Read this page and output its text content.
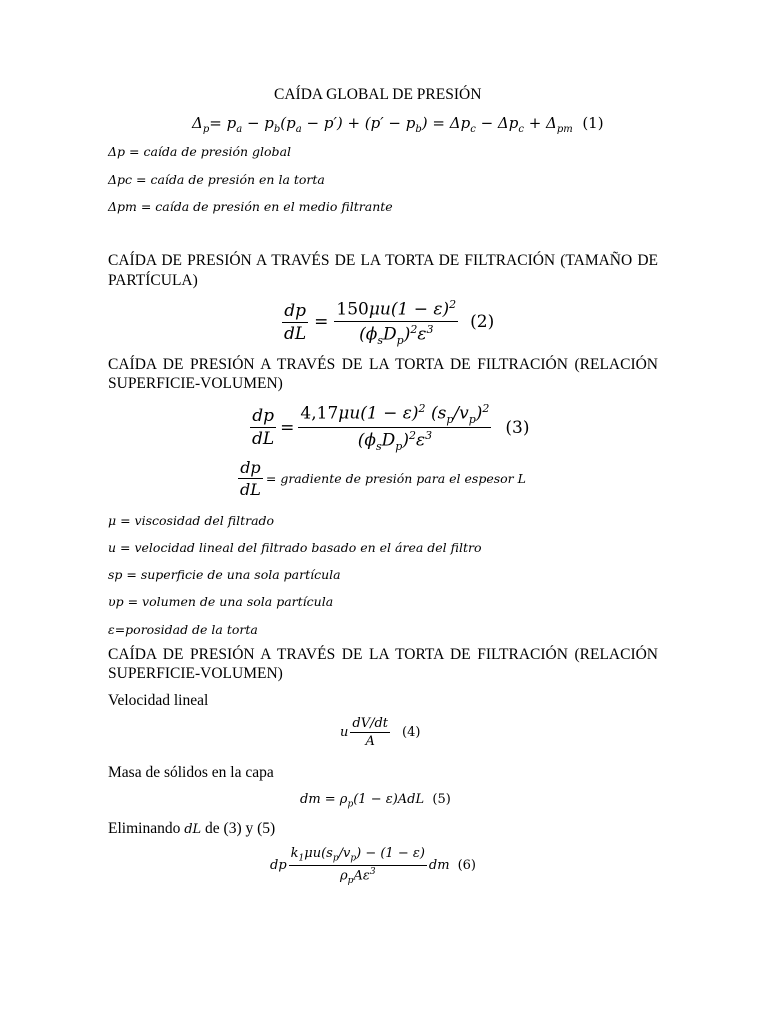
CAÍDA GLOBAL DE PRESIÓN
$\Delta_p= p_a - p_b(p_a - p') + (p' - p_b) = \Delta p_c - \Delta p_c + \Delta_{pm}$ (1)
Δp = caída de presión global
Δpc = caída de presión en la torta
Δpm = caída de presión en el medio filtrante
CAÍDA DE PRESIÓN A TRAVÉS DE LA TORTA DE FILTRACIÓN (TAMAÑO DE
PARTÍCULA)
$\frac{dp}{dL} = \frac{150\mu u(1 - \varepsilon)^2}{(\phi_sD_p)^2\varepsilon^3} (2)$
CAÍDA DE PRESIÓN A TRAVÉS DE LA TORTA DE FILTRACIÓN (RELACIÓN
SUPERFICIE-VOLUMEN)
$\frac{dp}{dL} = \frac{4,17\mu u(1 - \varepsilon)^2 (s_p/v_p)^2}{(\phi_sD_p)^2\varepsilon^3} (3)$
$\frac{dp}{dL}$ = gradiente de presión para el espesor L
μ = viscosidad del filtrado
u = velocidad lineal del filtrado basado en el área del filtro
sp = superficie de una sola partícula
υp = volumen de una sola partícula
ε=porosidad de la torta
CAÍDA DE PRESIÓN A TRAVÉS DE LA TORTA DE FILTRACIÓN (RELACIÓN
SUPERFICIE-VOLUMEN)
Velocidad lineal
u $\frac{dV/dt}{A} (4)$
Masa de sólidos en la capa
dm = $\rho_p(1 - \varepsilon)AdL$  (5)
Eliminando dL de (3) y (5)
dp $\frac{k_1\mu u(s_p/v_p) - (1 - \varepsilon)}{\rho_pA\varepsilon^3}$ dm (6)
